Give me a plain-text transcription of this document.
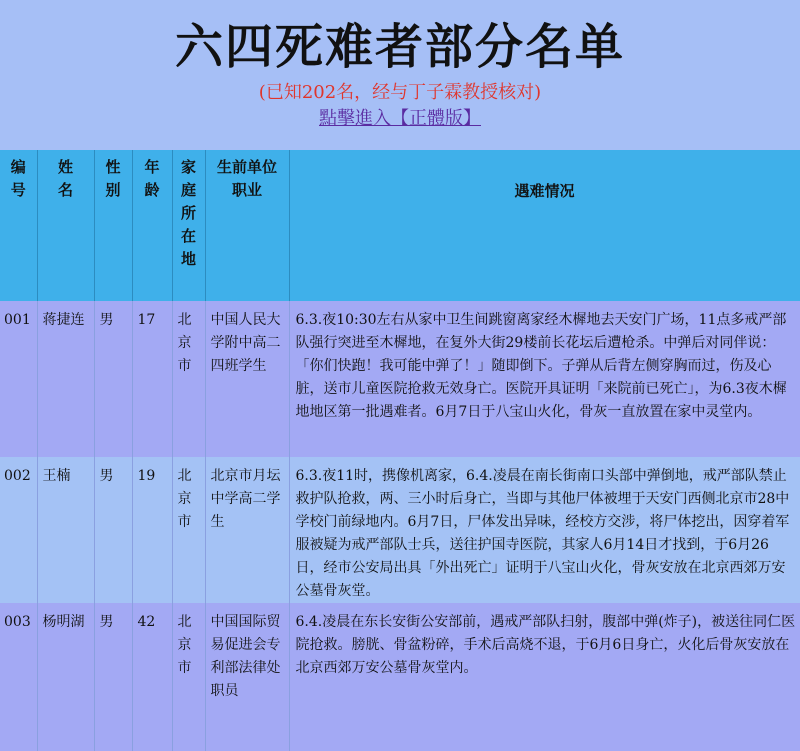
六四死难者部分名单
(已知202名，经与丁子霖教授核对)
點擊進入【正體版】
编号	姓名	性别	年龄	家庭所在地	生前单位职业	遇难情况
001	蒋捷连	男	17	北京市	中国人民大学附中高二四班学生	6.3.夜10:30左右从家中卫生间跳窗离家经木樨地去天安门广场，11点多戒严部队强行突进至木樨地，在复外大街29楼前长花坛后遭枪杀。中弹后对同伴说：「你们快跑！我可能中弹了！」随即倒下。子弹从后背左侧穿胸而过，伤及心脏，送市儿童医院抢救无效身亡。医院开具证明「来院前已死亡」，为6.3夜木樨地地区第一批遇难者。6月7日于八宝山火化，骨灰一直放置在家中灵堂内。
002	王楠	男	19	北京市	北京市月坛中学高二学生	6.3.夜11时，携像机离家，6.4.凌晨在南长街南口头部中弹倒地，戒严部队禁止救护队抢救，两、三小时后身亡，当即与其他尸体被埋于天安门西侧北京市28中学校门前绿地内。6月7日，尸体发出异味，经校方交涉，将尸体挖出，因穿着军服被疑为戒严部队士兵，送往护国寺医院，其家人6月14日才找到，于6月26日，经市公安局出具「外出死亡」证明于八宝山火化，骨灰安放在北京西郊万安公墓骨灰堂。
003	杨明湖	男	42	北京市	中国国际贸易促进会专利部法律处职员	6.4.凌晨在东长安街公安部前，遇戒严部队扫射，腹部中弹(炸子)，被送往同仁医院抢救。膀胱、骨盆粉碎，手术后高烧不退，于6月6日身亡，火化后骨灰安放在北京西郊万安公墓骨灰堂内。
